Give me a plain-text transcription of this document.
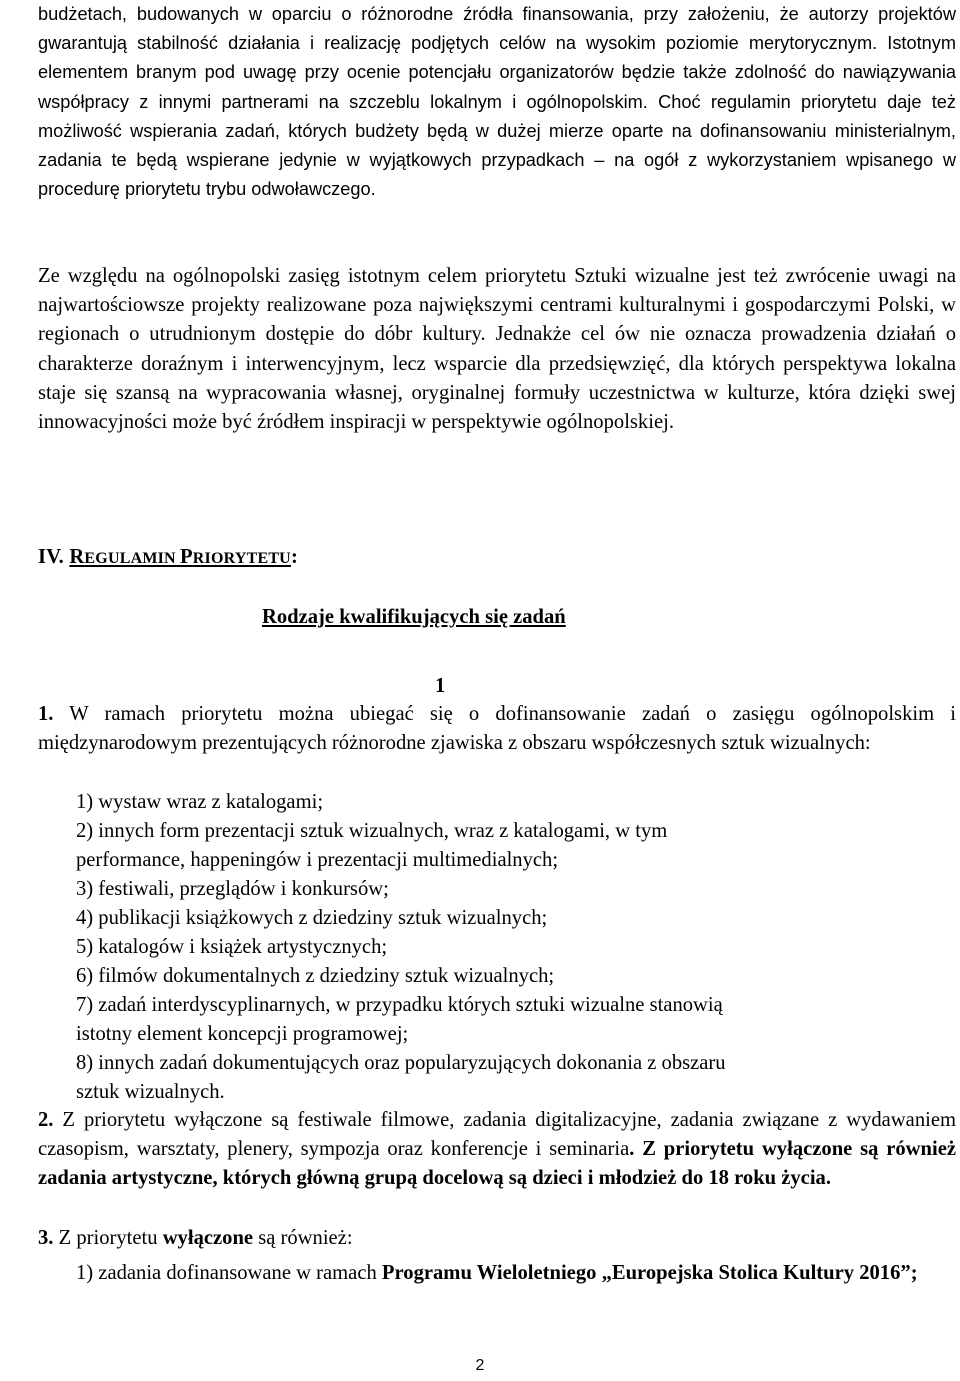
budżetach, budowanych w oparciu o różnorodne źródła finansowania, przy założeniu, że autorzy projektów gwarantują stabilność działania i realizację podjętych celów na wysokim poziomie merytorycznym. Istotnym elementem branym pod uwagę przy ocenie potencjału organizatorów będzie także zdolność do nawiązywania współpracy z innymi partnerami na szczeblu lokalnym i ogólnopolskim. Choć regulamin priorytetu daje też możliwość wspierania zadań, których budżety będą w dużej mierze oparte na dofinansowaniu ministerialnym, zadania te będą wspierane jedynie w wyjątkowych przypadkach – na ogół z wykorzystaniem wpisanego w procedurę priorytetu trybu odwoławczego.
Ze względu na ogólnopolski zasięg istotnym celem priorytetu Sztuki wizualne jest też zwrócenie uwagi na najwartościowsze projekty realizowane poza największymi centrami kulturalnymi i gospodarczymi Polski, w regionach o utrudnionym dostępie do dóbr kultury. Jednakże cel ów nie oznacza prowadzenia działań o charakterze doraźnym i interwencyjnym, lecz wsparcie dla przedsięwzięć, dla których perspektywa lokalna staje się szansą na wypracowania własnej, oryginalnej formuły uczestnictwa w kulturze, która dzięki swej innowacyjności może być źródłem inspiracji w perspektywie ogólnopolskiej.
IV. REGULAMIN PRIORYTETU:
Rodzaje kwalifikujących się zadań
1
1. W ramach priorytetu można ubiegać się o dofinansowanie zadań o zasięgu ogólnopolskim i międzynarodowym prezentujących różnorodne zjawiska z obszaru współczesnych sztuk wizualnych:
1) wystaw wraz z katalogami;
2) innych form prezentacji sztuk wizualnych, wraz z katalogami, w tym
performance, happeningów i prezentacji multimedialnych;
3) festiwali, przeglądów i konkursów;
4) publikacji książkowych z dziedziny sztuk wizualnych;
5) katalogów i książek artystycznych;
6) filmów dokumentalnych z dziedziny sztuk wizualnych;
7) zadań interdyscyplinarnych, w przypadku których sztuki wizualne stanowią
istotny element koncepcji programowej;
8) innych zadań dokumentujących oraz popularyzujących dokonania z obszaru
sztuk wizualnych.
2. Z priorytetu wyłączone są festiwale filmowe, zadania digitalizacyjne, zadania związane z wydawaniem czasopism, warsztaty, plenery, sympozja oraz konferencje i seminaria. Z priorytetu wyłączone są również zadania artystyczne, których główną grupą docelową są dzieci i młodzież do 18 roku życia.
3. Z priorytetu wyłączone są również:
1) zadania dofinansowane w ramach Programu Wieloletniego „Europejska Stolica Kultury 2016”;
2
